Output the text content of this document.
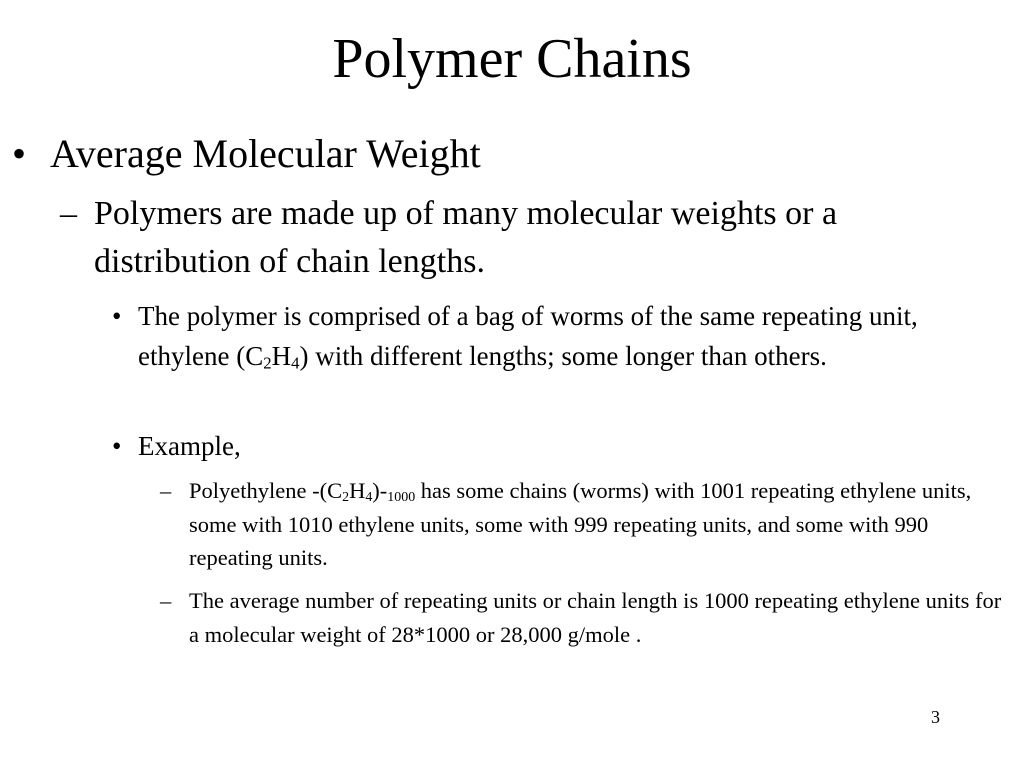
Polymer Chains
• Average Molecular Weight
– Polymers are made up of many molecular weights or a distribution of chain lengths.
• The polymer is comprised of a bag of worms of the same repeating unit, ethylene $(C_2H_4)$ with different lengths; some longer than others.
• Example,
– Polyethylene $-(C_2H_4)-_{1000}$ has some chains (worms) with 1001 repeating ethylene units, some with 1010 ethylene units, some with 999 repeating units, and some with 990 repeating units.
– The average number of repeating units or chain length is 1000 repeating ethylene units for a molecular weight of 28*1000 or 28,000 g/mole .

3
